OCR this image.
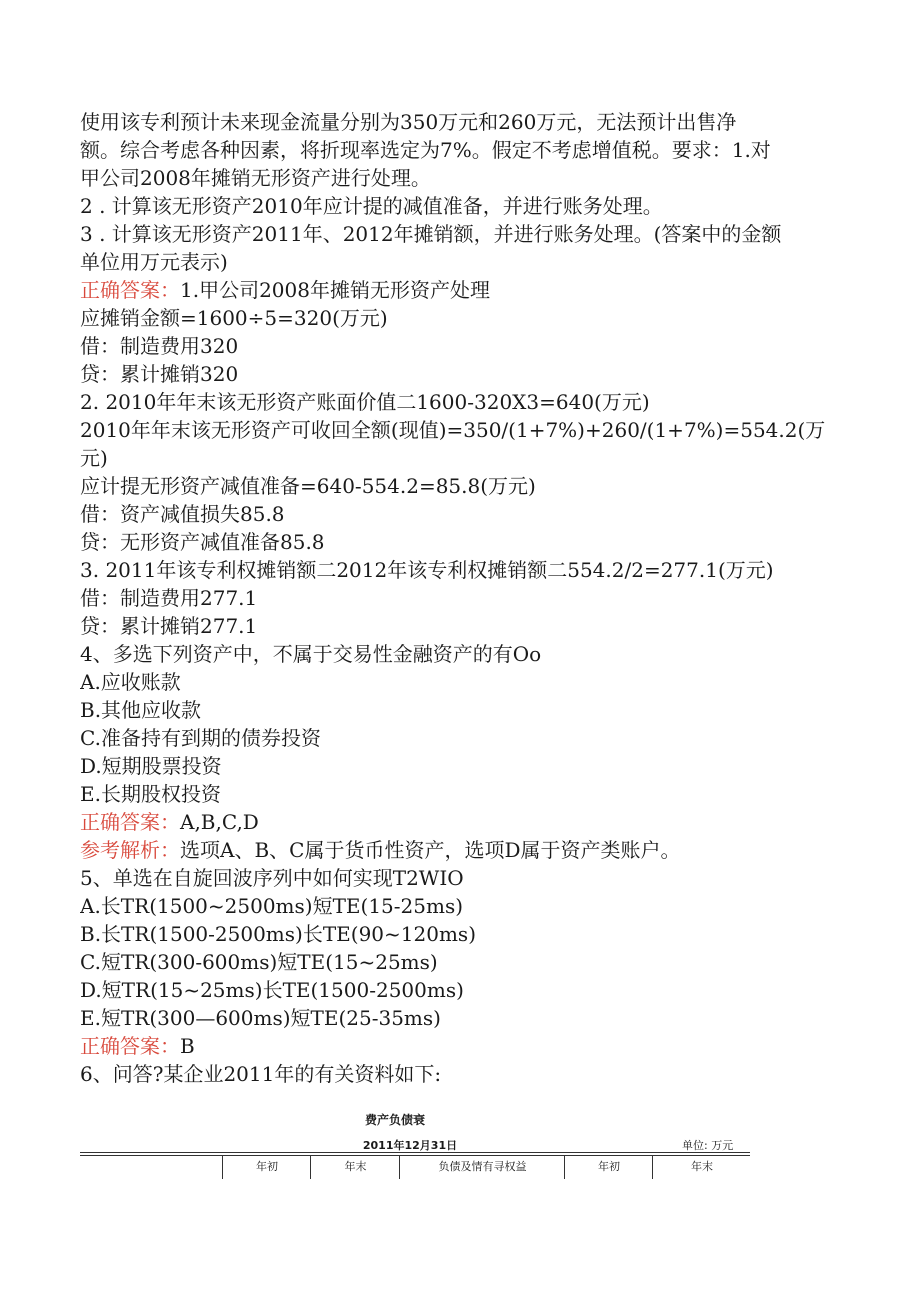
使用该专利预计未来现金流量分别为350万元和260万元，无法预计出售净
额。综合考虑各种因素，将折现率选定为7%。假定不考虑增值税。要求：1.对
甲公司2008年摊销无形资产进行处理。
2 . 计算该无形资产2010年应计提的减值准备，并进行账务处理。
3 . 计算该无形资产2011年、2012年摊销额，并进行账务处理。(答案中的金额
单位用万元表示)
正确答案：1.甲公司2008年摊销无形资产处理
应摊销金额=1600÷5=320(万元)
借：制造费用320
贷：累计摊销320
2. 2010年年末该无形资产账面价值二1600-320X3=640(万元)
2010年年末该无形资产可收回全额(现值)=350/(1+7%)+260/(1+7%)=554.2(万
元)
应计提无形资产减值准备=640-554.2=85.8(万元)
借：资产减值损失85.8
贷：无形资产减值准备85.8
3. 2011年该专利权摊销额二2012年该专利权摊销额二554.2/2=277.1(万元)
借：制造费用277.1
贷：累计摊销277.1
4、多选下列资产中，不属于交易性金融资产的有Oo
A.应收账款
B.其他应收款
C.准备持有到期的债券投资
D.短期股票投资
E.长期股权投资
正确答案：A,B,C,D
参考解析：选项A、B、C属于货币性资产，选项D属于资产类账户。
5、单选在自旋回波序列中如何实现T2WIO
A.长TR(1500~2500ms)短TE(15-25ms)
B.长TR(1500-2500ms)长TE(90~120ms)
C.短TR(300-600ms)短TE(15~25ms)
D.短TR(15~25ms)长TE(1500-2500ms)
E.短TR(300—600ms)短TE(25-35ms)
正确答案：B
6、问答?某企业2011年的有关资料如下:
费产负债衰
2011年12月31日	单位: 万元
年初	年末	负债及情有寻权益	年初	年末
